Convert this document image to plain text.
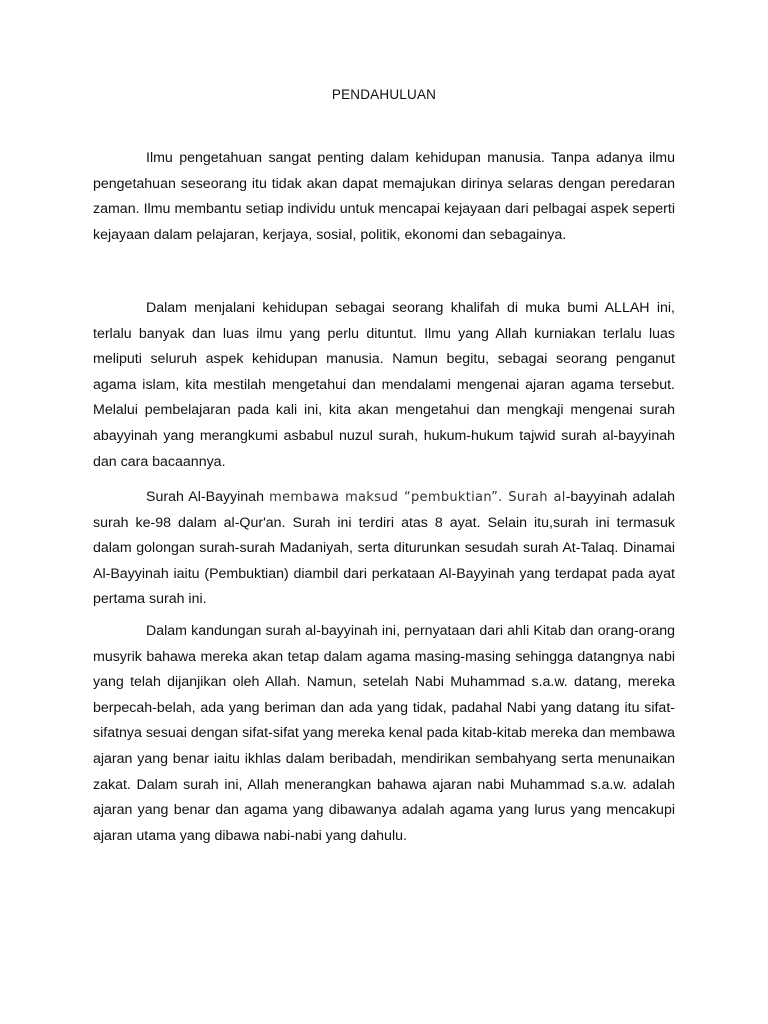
PENDAHULUAN

Ilmu pengetahuan sangat penting dalam kehidupan manusia. Tanpa adanya ilmu pengetahuan seseorang itu tidak akan dapat memajukan dirinya selaras dengan peredaran zaman. Ilmu membantu setiap individu untuk mencapai kejayaan dari pelbagai aspek seperti kejayaan dalam pelajaran, kerjaya, sosial, politik, ekonomi dan sebagainya.

Dalam menjalani kehidupan sebagai seorang khalifah di muka bumi ALLAH ini, terlalu banyak dan luas ilmu yang perlu dituntut. Ilmu yang Allah kurniakan terlalu luas meliputi seluruh aspek kehidupan manusia. Namun begitu, sebagai seorang penganut agama islam, kita mestilah mengetahui dan mendalami mengenai ajaran agama tersebut. Melalui pembelajaran pada kali ini, kita akan mengetahui dan mengkaji mengenai surah abayyinah yang merangkumi asbabul nuzul surah, hukum-hukum tajwid surah al-bayyinah dan cara bacaannya.

Surah Al-Bayyinah membawa maksud “pembuktian”. Surah al-bayyinah adalah surah ke-98 dalam al-Qur'an. Surah ini terdiri atas 8 ayat. Selain itu,surah ini termasuk dalam golongan surah-surah Madaniyah, serta diturunkan sesudah surah At-Talaq. Dinamai Al-Bayyinah iaitu (Pembuktian) diambil dari perkataan Al-Bayyinah yang terdapat pada ayat pertama surah ini.

Dalam kandungan surah al-bayyinah ini, pernyataan dari ahli Kitab dan orang-orang musyrik bahawa mereka akan tetap dalam agama masing-masing sehingga datangnya nabi yang telah dijanjikan oleh Allah. Namun, setelah Nabi Muhammad s.a.w. datang, mereka berpecah-belah, ada yang beriman dan ada yang tidak, padahal Nabi yang datang itu sifat-sifatnya sesuai dengan sifat-sifat yang mereka kenal pada kitab-kitab mereka dan membawa ajaran yang benar iaitu ikhlas dalam beribadah, mendirikan sembahyang serta menunaikan zakat. Dalam surah ini, Allah menerangkan bahawa ajaran nabi Muhammad s.a.w. adalah ajaran yang benar dan agama yang dibawanya adalah agama yang lurus yang mencakupi ajaran utama yang dibawa nabi-nabi yang dahulu.
